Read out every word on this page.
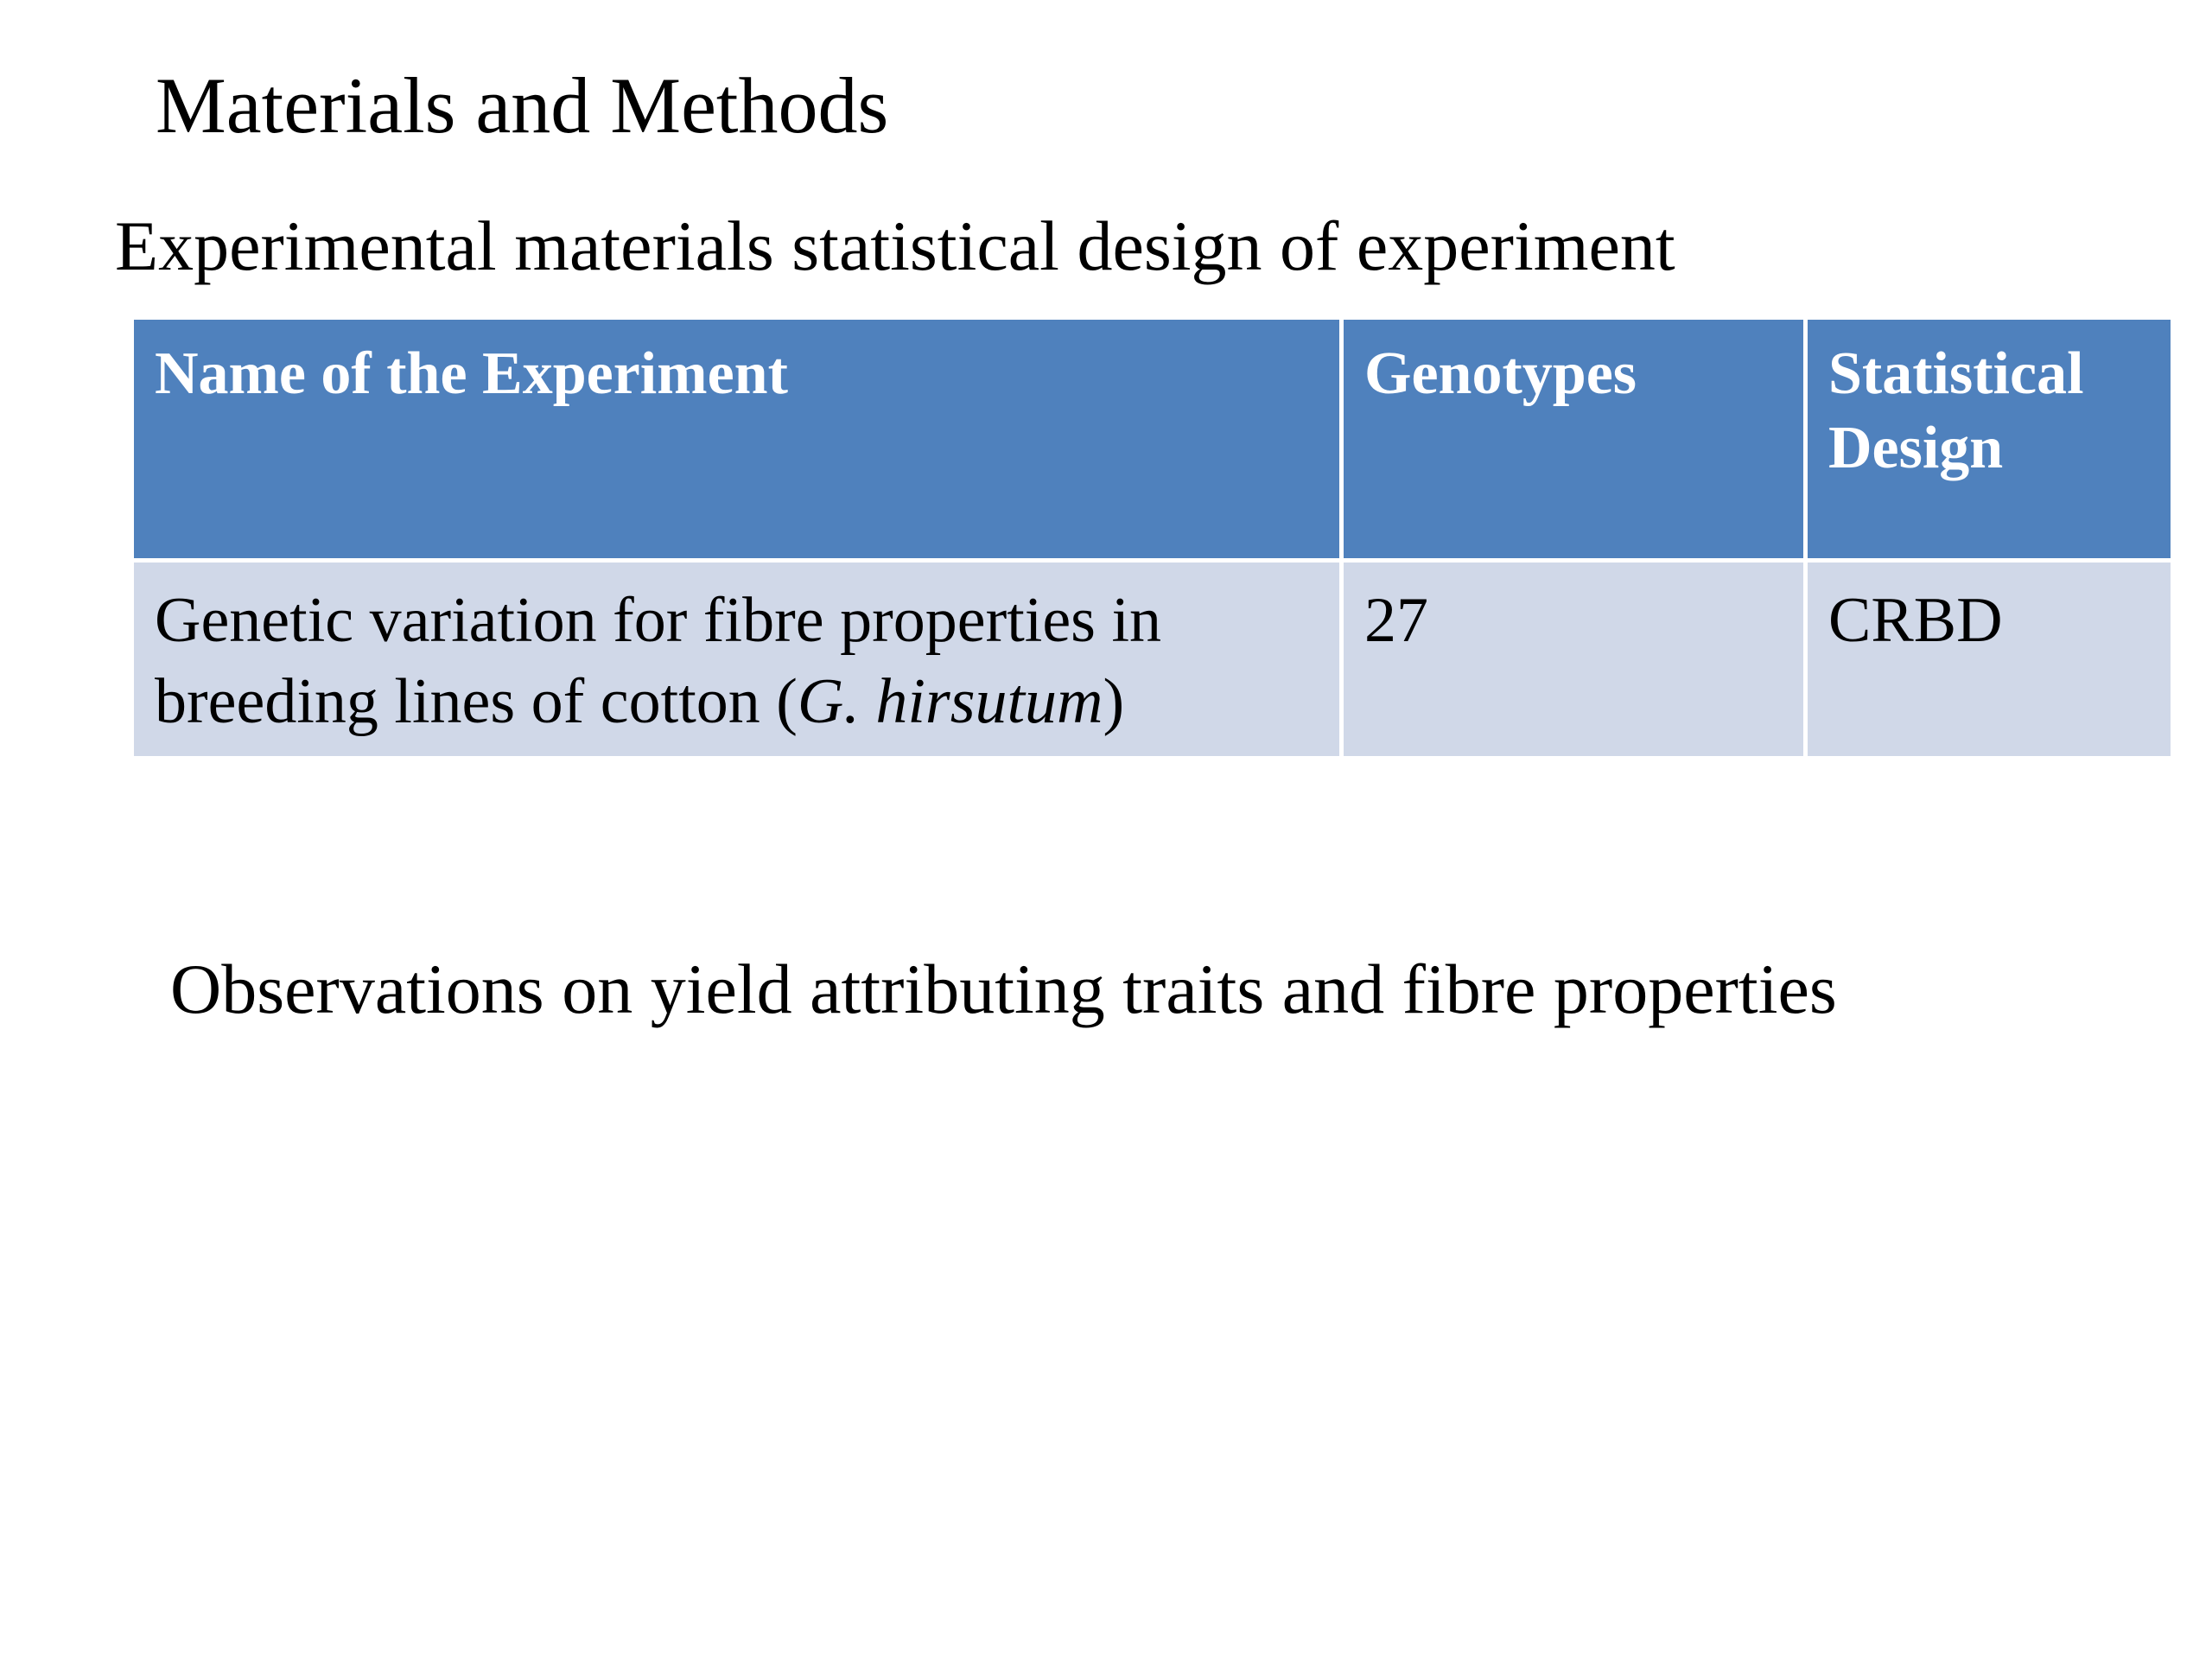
Materials and Methods
Experimental materials statistical design of experiment
Name of the Experiment	Genotypes	Statistical Design
Genetic variation for fibre properties in breeding lines of cotton (G. hirsutum)	27	CRBD
Observations on yield attributing traits and fibre properties
